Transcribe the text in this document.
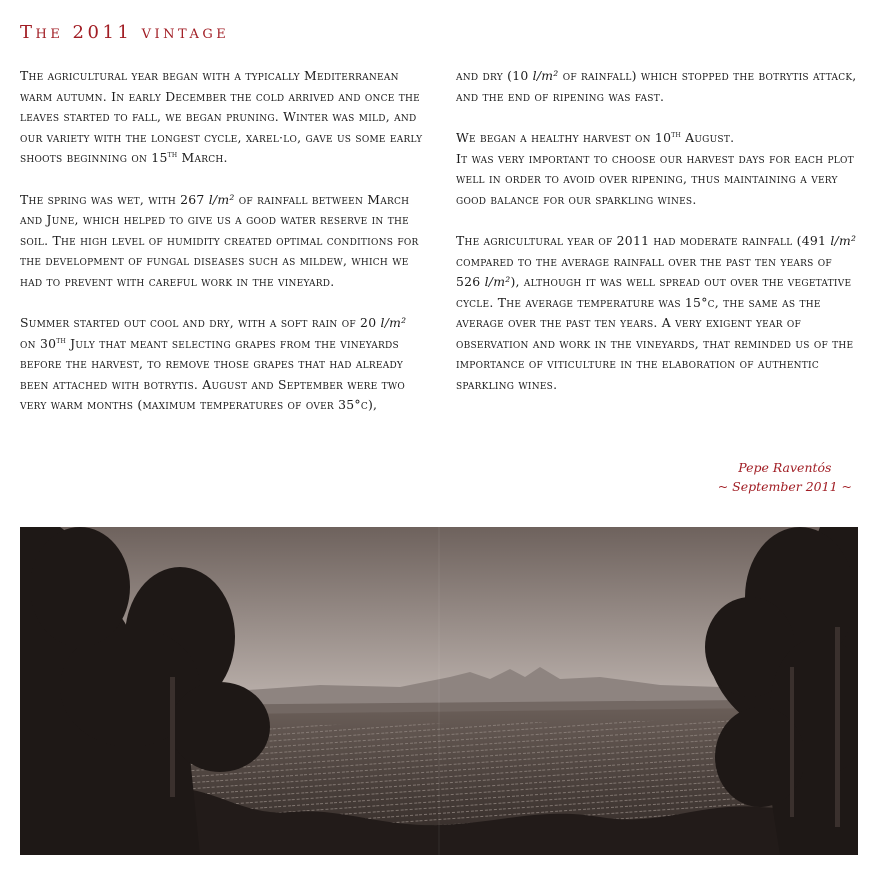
The 2011 vintage

The agricultural year began with a typically Mediterranean warm autumn. In early December the cold arrived and once the leaves started to fall, we began pruning. Winter was mild, and our variety with the longest cycle, xarel·lo, gave us some early shoots beginning on 15th March.

The spring was wet, with 267 l/m² of rainfall between March and June, which helped to give us a good water reserve in the soil. The high level of humidity created optimal conditions for the development of fungal diseases such as mildew, which we had to prevent with careful work in the vineyard.

Summer started out cool and dry, with a soft rain of 20 l/m² on 30th July that meant selecting grapes from the vineyards before the harvest, to remove those grapes that had already been attached with botrytis. August and September were two very warm months (maximum temperatures of over 35°c),

and dry (10 l/m² of rainfall) which stopped the botrytis attack, and the end of ripening was fast.

We began a healthy harvest on 10th August.
It was very important to choose our harvest days for each plot well in order to avoid over ripening, thus maintaining a very good balance for our sparkling wines.

The agricultural year of 2011 had moderate rainfall (491 l/m² compared to the average rainfall over the past ten years of 526 l/m²), although it was well spread out over the vegetative cycle. The average temperature was 15°c, the same as the average over the past ten years. A very exigent year of observation and work in the vineyards, that reminded us of the importance of viticulture in the elaboration of authentic sparkling wines.

Pepe Raventós
~ September 2011 ~
